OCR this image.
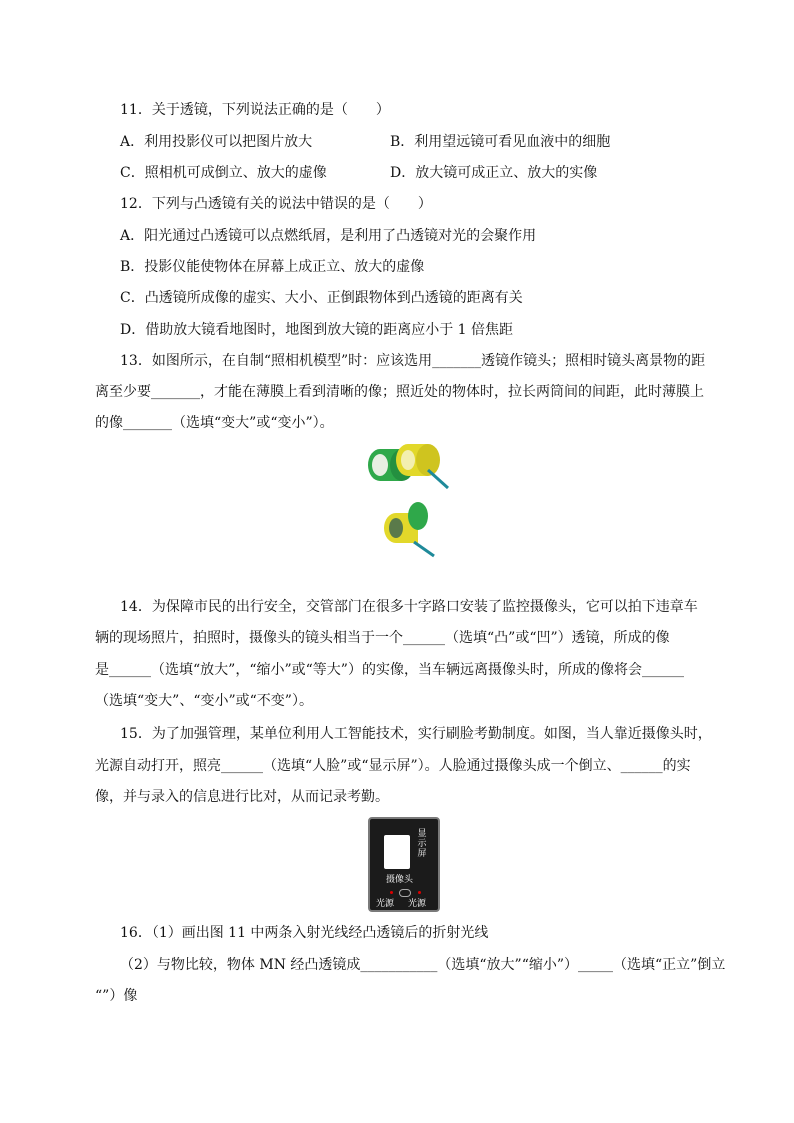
11．关于透镜，下列说法正确的是（　　）
A．利用投影仪可以把图片放大	B．利用望远镜可看见血液中的细胞
C．照相机可成倒立、放大的虚像	D．放大镜可成正立、放大的实像
12．下列与凸透镜有关的说法中错误的是（　　）
A．阳光通过凸透镜可以点燃纸屑，是利用了凸透镜对光的会聚作用
B．投影仪能使物体在屏幕上成正立、放大的虚像
C．凸透镜所成像的虚实、大小、正倒跟物体到凸透镜的距离有关
D．借助放大镜看地图时，地图到放大镜的距离应小于 1 倍焦距
13．如图所示，在自制“照相机模型”时：应该选用_______透镜作镜头；照相时镜头离景物的距
离至少要_______，才能在薄膜上看到清晰的像；照近处的物体时，拉长两筒间的间距，此时薄膜上
的像_______（选填“变大”或“变小”）。
14．为保障市民的出行安全，交管部门在很多十字路口安装了监控摄像头，它可以拍下违章车
辆的现场照片，拍照时，摄像头的镜头相当于一个______（选填“凸”或“凹”）透镜，所成的像
是______（选填“放大”，“缩小”或“等大”）的实像，当车辆远离摄像头时，所成的像将会______
（选填“变大”、“变小”或“不变”）。
15．为了加强管理，某单位利用人工智能技术，实行刷脸考勤制度。如图，当人靠近摄像头时，
光源自动打开，照亮______（选填“人脸”或“显示屏”）。人脸通过摄像头成一个倒立、______的实
像，并与录入的信息进行比对，从而记录考勤。
显
示
屏
摄像头
光源 光源
16．（1）画出图 11 中两条入射光线经凸透镜后的折射光线
（2）与物比较，物体 MN 经凸透镜成___________（选填“放大”“缩小”）_____（选填“正立”倒立
“”）像
